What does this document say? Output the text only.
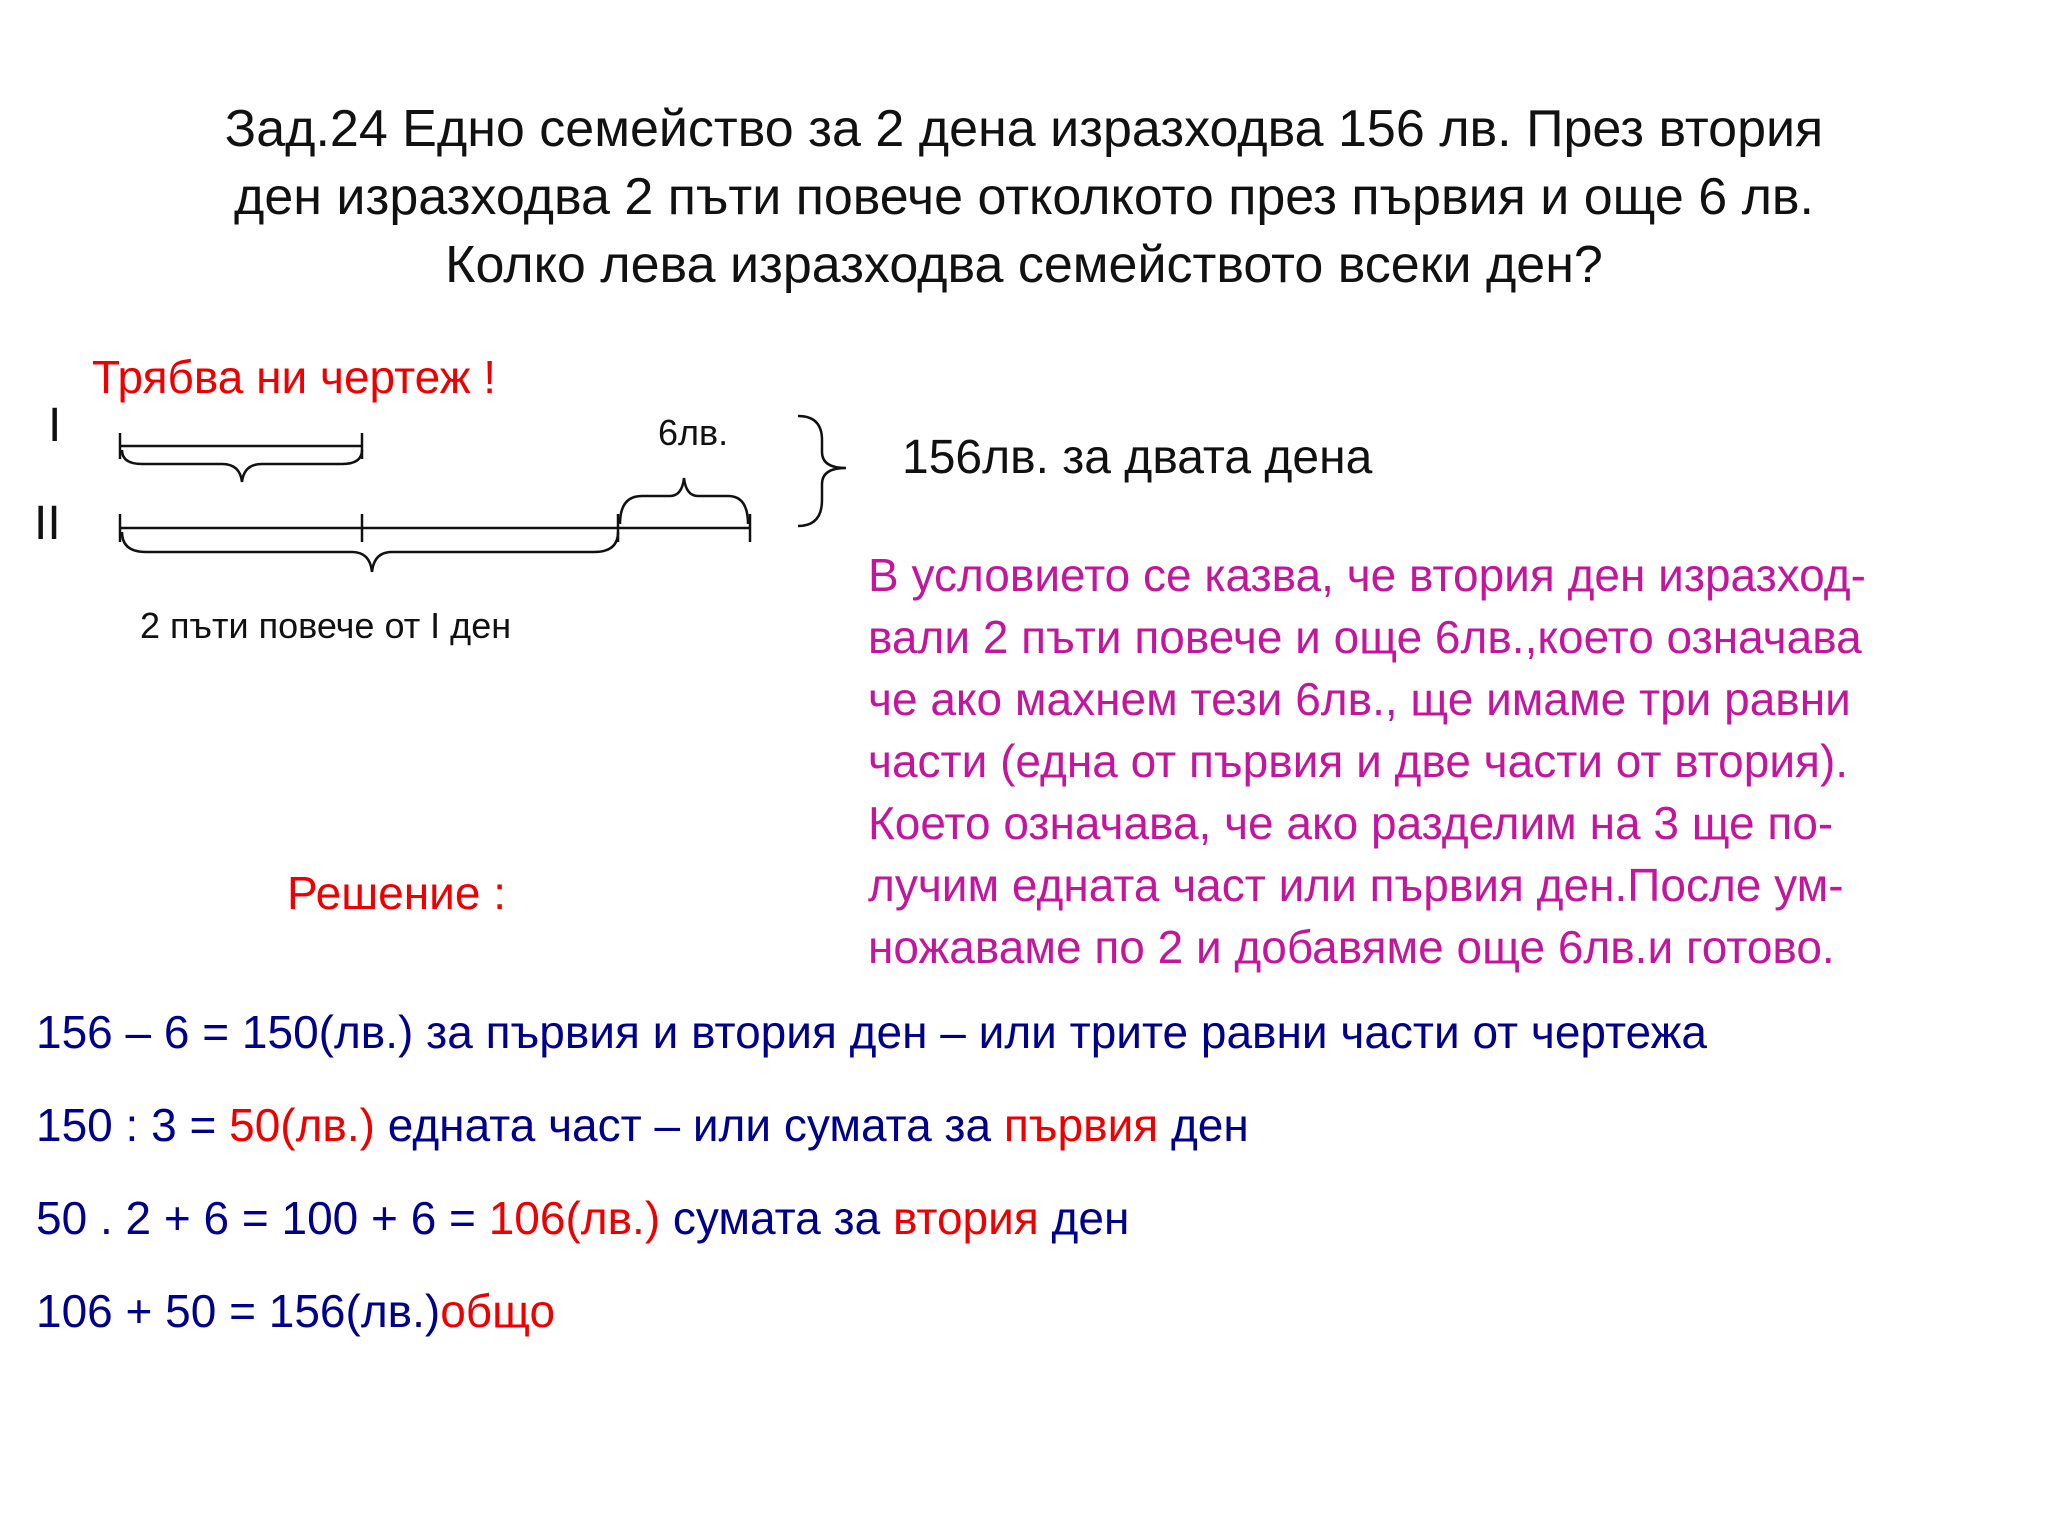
Зад.24 Едно семейство за 2 дена изразходва 156 лв. През втория
ден изразходва 2 пъти повече отколкото през първия и още 6 лв.
Колко лева изразходва семейството всеки ден?
Трябва ни чертеж !
I
II
6лв.	156лв. за двата дена
2 пъти повече от I ден
В условието се казва, че втория ден изразход-
вали 2 пъти повече и още 6лв.,което означава
че ако махнем тези 6лв., ще имаме три равни
части (една от първия и две части от втория).
Което означава, че ако разделим на 3 ще по-
лучим едната част или първия ден.После ум-
ножаваме по 2 и добавяме още 6лв.и готово.
Решение :
156 – 6 = 150(лв.) за първия и втория ден – или трите равни части от чертежа
150 : 3 = 50(лв.) едната част – или сумата за първия ден
50 . 2 + 6 = 100 + 6 = 106(лв.) сумата за втория ден
106 + 50 = 156(лв.)общо
